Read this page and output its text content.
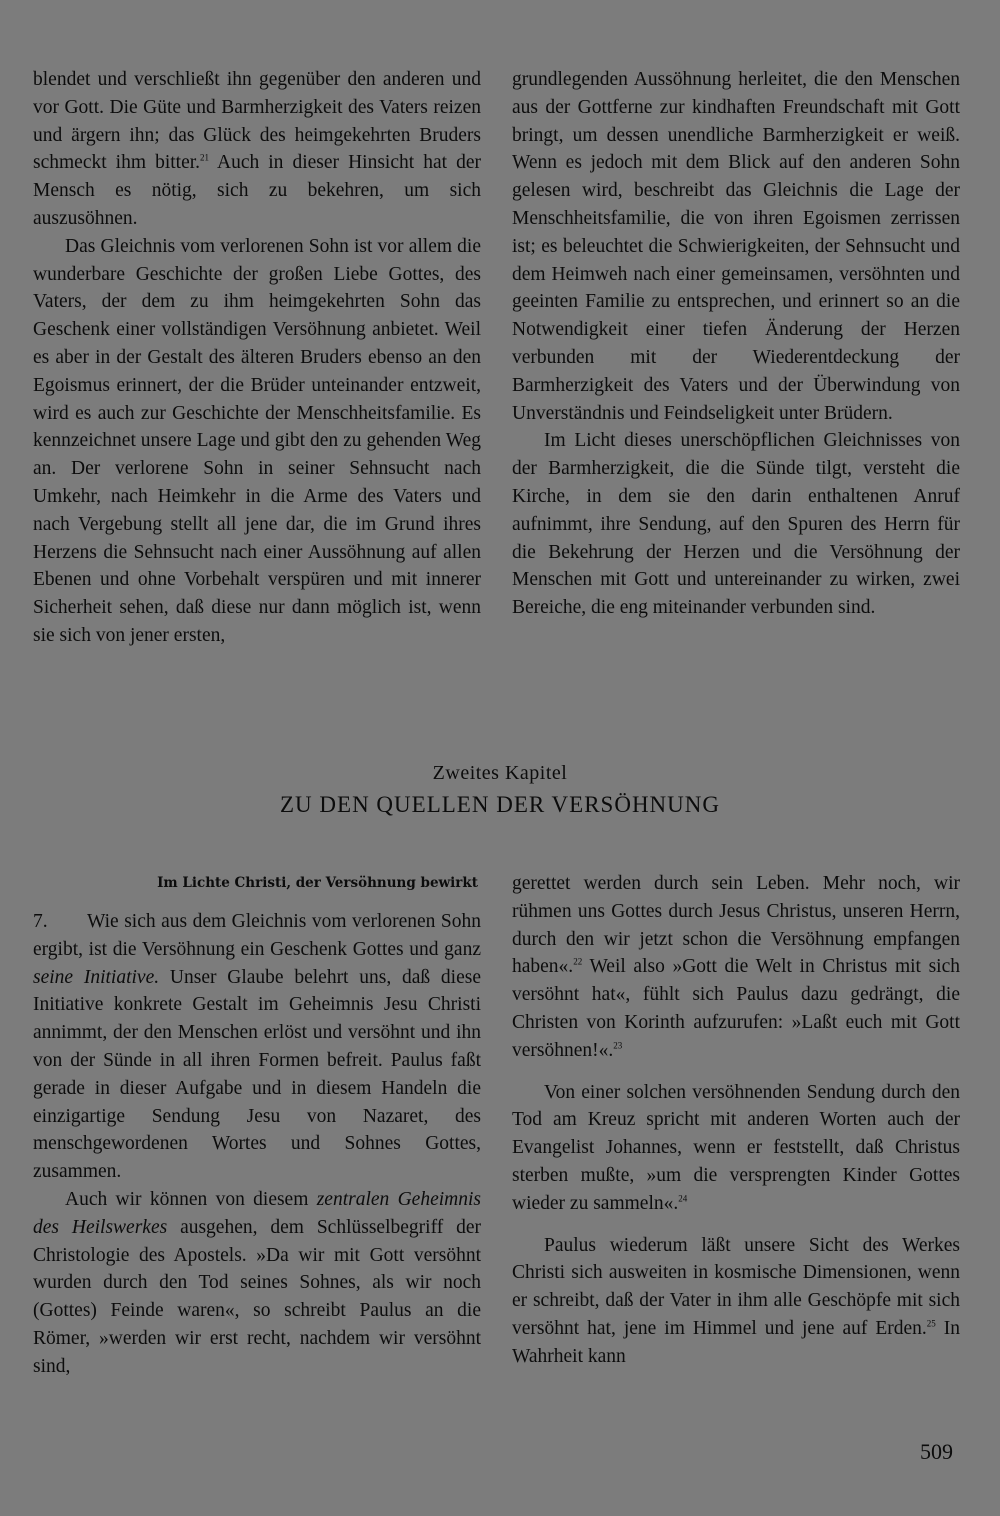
blendet und verschließt ihn gegenüber den anderen und vor Gott. Die Güte und Barmherzigkeit des Vaters reizen und ärgern ihn; das Glück des heimgekehrten Bruders schmeckt ihm bitter.$^{21}$ Auch in dieser Hinsicht hat der Mensch es nötig, sich zu bekehren, um sich auszusöhnen.

Das Gleichnis vom verlorenen Sohn ist vor allem die wunderbare Geschichte der großen Liebe Gottes, des Vaters, der dem zu ihm heimgekehrten Sohn das Geschenk einer vollständigen Versöhnung anbietet. Weil es aber in der Gestalt des älteren Bruders ebenso an den Egoismus erinnert, der die Brüder unteinander entzweit, wird es auch zur Geschichte der Menschheitsfamilie. Es kennzeichnet unsere Lage und gibt den zu gehenden Weg an. Der verlorene Sohn in seiner Sehnsucht nach Umkehr, nach Heimkehr in die Arme des Vaters und nach Vergebung stellt all jene dar, die im Grund ihres Herzens die Sehnsucht nach einer Aussöhnung auf allen Ebenen und ohne Vorbehalt verspüren und mit innerer Sicherheit sehen, daß diese nur dann möglich ist, wenn sie sich von jener ersten,

grundlegenden Aussöhnung herleitet, die den Menschen aus der Gottferne zur kindhaften Freundschaft mit Gott bringt, um dessen unendliche Barmherzigkeit er weiß. Wenn es jedoch mit dem Blick auf den anderen Sohn gelesen wird, beschreibt das Gleichnis die Lage der Menschheitsfamilie, die von ihren Egoismen zerrissen ist; es beleuchtet die Schwierigkeiten, der Sehnsucht und dem Heimweh nach einer gemeinsamen, versöhnten und geeinten Familie zu entsprechen, und erinnert so an die Notwendigkeit einer tiefen Änderung der Herzen verbunden mit der Wiederentdeckung der Barmherzigkeit des Vaters und der Überwindung von Unverständnis und Feindseligkeit unter Brüdern.

Im Licht dieses unerschöpflichen Gleichnisses von der Barmherzigkeit, die die Sünde tilgt, versteht die Kirche, in dem sie den darin enthaltenen Anruf aufnimmt, ihre Sendung, auf den Spuren des Herrn für die Bekehrung der Herzen und die Versöhnung der Menschen mit Gott und untereinander zu wirken, zwei Bereiche, die eng miteinander verbunden sind.

Zweites Kapitel
ZU DEN QUELLEN DER VERSÖHNUNG
Im Lichte Christi, der Versöhnung bewirkt

7. Wie sich aus dem Gleichnis vom verlorenen Sohn ergibt, ist die Versöhnung ein Geschenk Gottes und ganz seine Initiative. Unser Glaube belehrt uns, daß diese Initiative konkrete Gestalt im Geheimnis Jesu Christi annimmt, der den Menschen erlöst und versöhnt und ihn von der Sünde in all ihren Formen befreit. Paulus faßt gerade in dieser Aufgabe und in diesem Handeln die einzigartige Sendung Jesu von Nazaret, des menschgewordenen Wortes und Sohnes Gottes, zusammen.

Auch wir können von diesem zentralen Geheimnis des Heilswerkes ausgehen, dem Schlüsselbegriff der Christologie des Apostels. »Da wir mit Gott versöhnt wurden durch den Tod seines Sohnes, als wir noch (Gottes) Feinde waren«, so schreibt Paulus an die Römer, »werden wir erst recht, nachdem wir versöhnt sind,

gerettet werden durch sein Leben. Mehr noch, wir rühmen uns Gottes durch Jesus Christus, unseren Herrn, durch den wir jetzt schon die Versöhnung empfangen haben«.$^{22}$ Weil also »Gott die Welt in Christus mit sich versöhnt hat«, fühlt sich Paulus dazu gedrängt, die Christen von Korinth aufzurufen: »Laßt euch mit Gott versöhnen!«.$^{23}$

Von einer solchen versöhnenden Sendung durch den Tod am Kreuz spricht mit anderen Worten auch der Evangelist Johannes, wenn er feststellt, daß Christus sterben mußte, »um die versprengten Kinder Gottes wieder zu sammeln«.$^{24}$

Paulus wiederum läßt unsere Sicht des Werkes Christi sich ausweiten in kosmische Dimensionen, wenn er schreibt, daß der Vater in ihm alle Geschöpfe mit sich versöhnt hat, jene im Himmel und jene auf Erden.$^{25}$ In Wahrheit kann

509
